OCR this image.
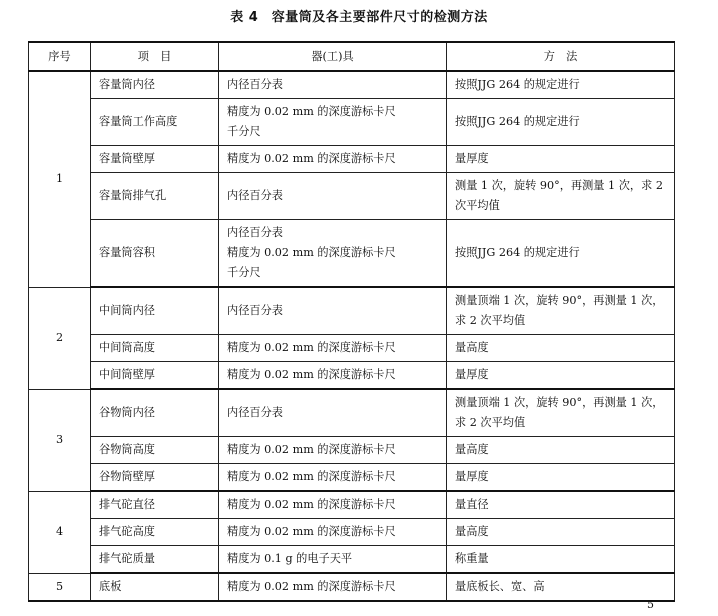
表 4　容量筒及各主要部件尺寸的检测方法
序号	项　目	器(工)具	方　法
1	容量筒内径	内径百分表	按照JJG 264 的规定进行
	容量筒工作高度	精度为 0.02 mm 的深度游标卡尺
千分尺	按照JJG 264 的规定进行
	容量筒壁厚	精度为 0.02 mm 的深度游标卡尺	量厚度
	容量筒排气孔	内径百分表	测量 1 次，旋转 90°，再测量 1 次，求 2 次平均值
	容量筒容积	内径百分表
精度为 0.02 mm 的深度游标卡尺
千分尺	按照JJG 264 的规定进行
2	中间筒内径	内径百分表	测量顶端 1 次，旋转 90°，再测量 1 次，求 2 次平均值
	中间筒高度	精度为 0.02 mm 的深度游标卡尺	量高度
	中间筒壁厚	精度为 0.02 mm 的深度游标卡尺	量厚度
3	谷物筒内径	内径百分表	测量顶端 1 次，旋转 90°，再测量 1 次，求 2 次平均值
	谷物筒高度	精度为 0.02 mm 的深度游标卡尺	量高度
	谷物筒壁厚	精度为 0.02 mm 的深度游标卡尺	量厚度
4	排气砣直径	精度为 0.02 mm 的深度游标卡尺	量直径
	排气砣高度	精度为 0.02 mm 的深度游标卡尺	量高度
	排气砣质量	精度为 0.1 g 的电子天平	称重量
5	底板	精度为 0.02 mm 的深度游标卡尺	量底板长、宽、高
5
